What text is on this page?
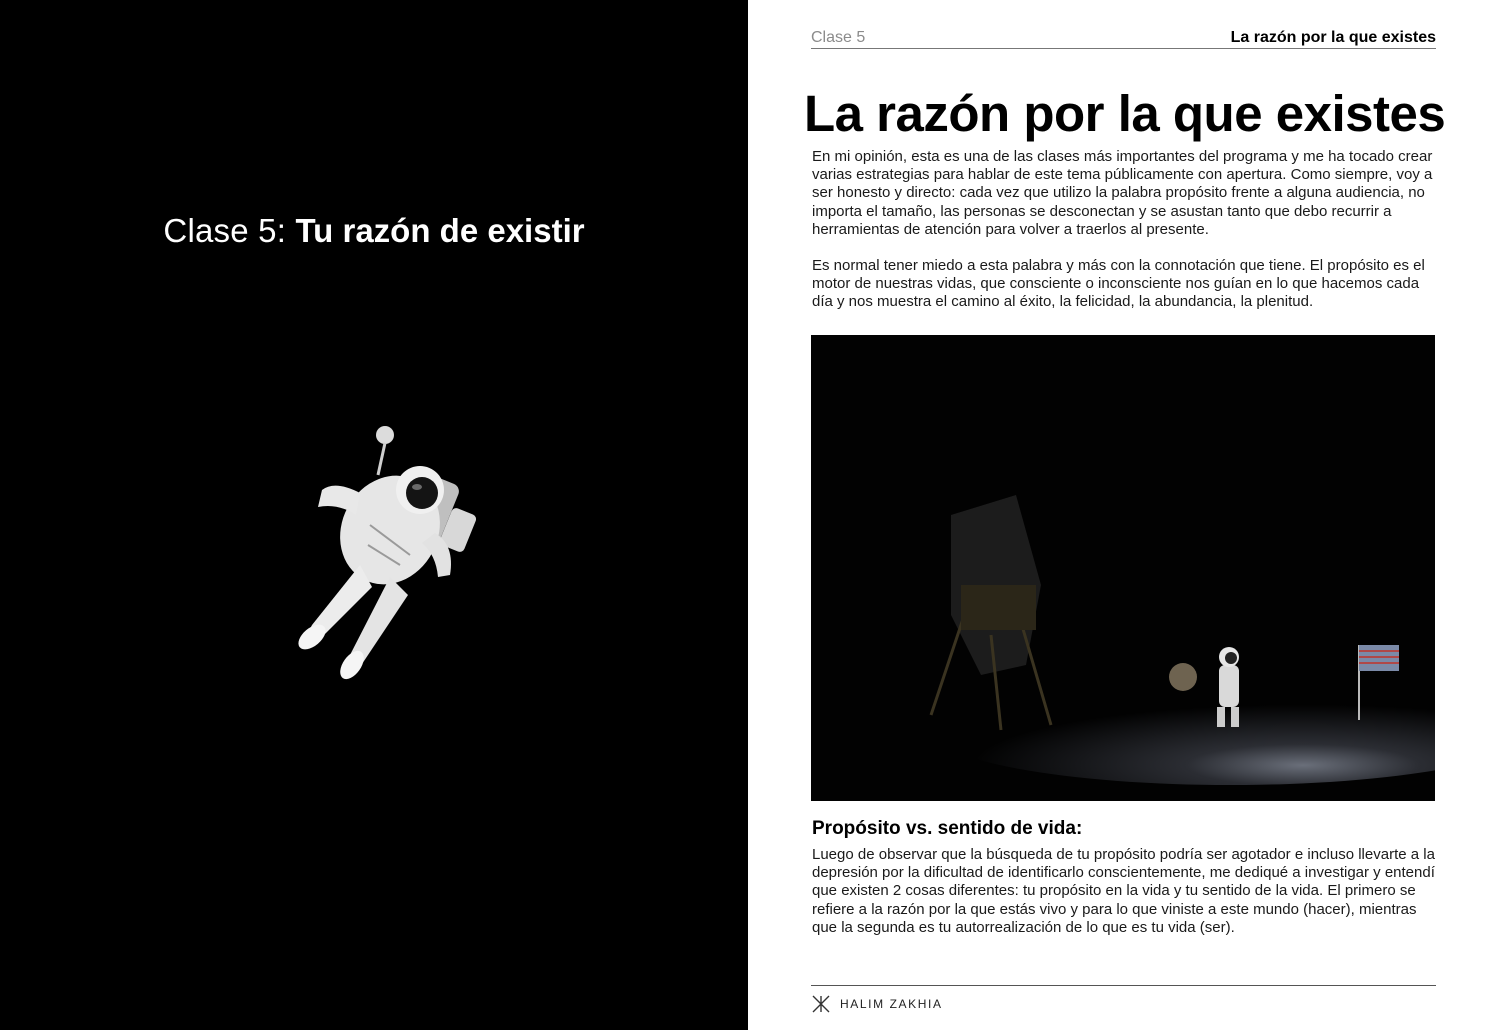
Clase 5: Tu razón de existir
Clase 5	La razón por la que existes
La razón por la que existes
En mi opinión, esta es una de las clases más importantes del programa y me ha tocado crear varias estrategias para hablar de este tema públicamente con apertura. Como siempre, voy a ser honesto y directo: cada vez que utilizo la palabra propósito frente a alguna audiencia, no importa el tamaño, las personas se desconectan y se asustan tanto que debo recurrir a herramientas de atención para volver a traerlos al presente.
Es normal tener miedo a esta palabra y más con la connotación que tiene. El propósito es el motor de nuestras vidas, que consciente o inconsciente nos guían en lo que hacemos cada día y nos muestra el camino al éxito, la felicidad, la abundancia, la plenitud.
Propósito vs. sentido de vida:
Luego de observar que la búsqueda de tu propósito podría ser agotador e incluso llevarte a la depresión por la dificultad de identificarlo conscientemente, me dediqué a investigar y entendí que existen 2 cosas diferentes: tu propósito en la vida y tu sentido de la vida. El primero se refiere a la razón por la que estás vivo y para lo que viniste a este mundo (hacer), mientras que la segunda es tu autorrealización de lo que es tu vida (ser).
HALIM ZAKHIA
